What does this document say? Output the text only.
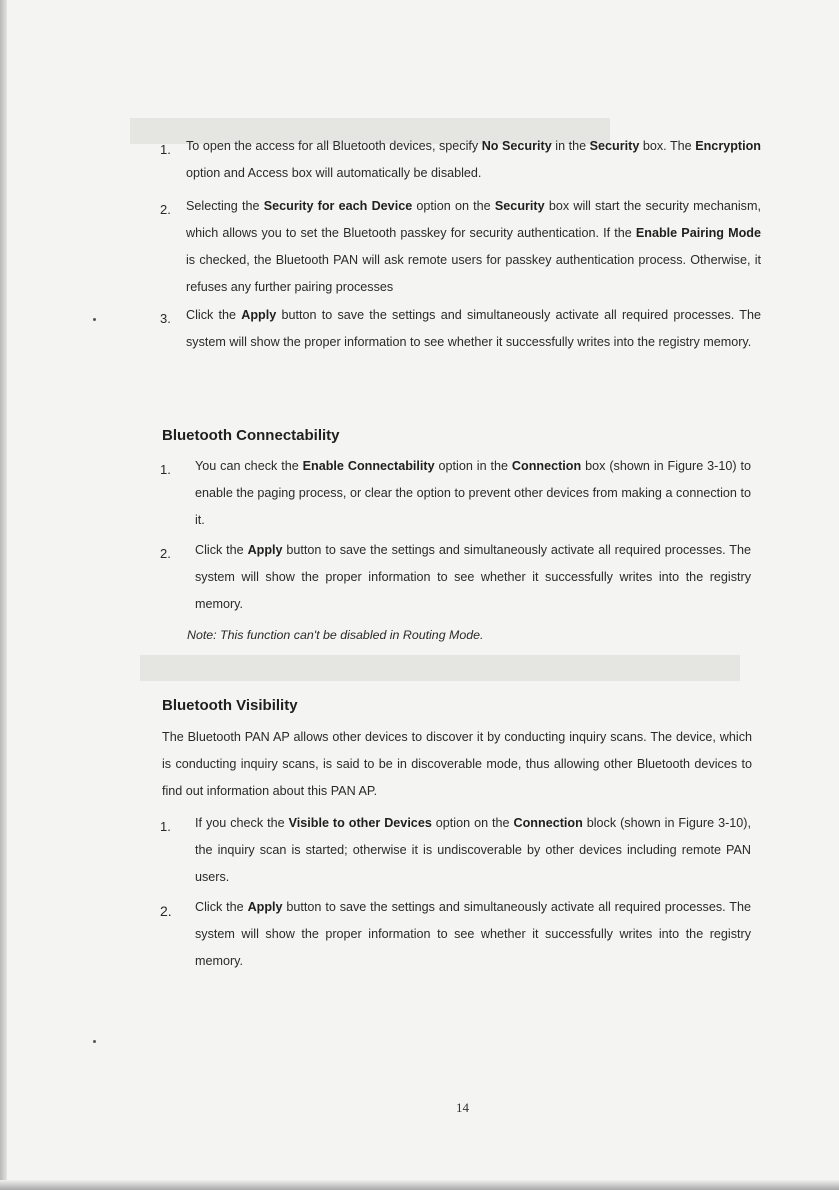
1. To open the access for all Bluetooth devices, specify No Security in the Security box. The Encryption option and Access box will automatically be disabled.
2. Selecting the Security for each Device option on the Security box will start the security mechanism, which allows you to set the Bluetooth passkey for security authentication. If the Enable Pairing Mode is checked, the Bluetooth PAN will ask remote users for passkey authentication process. Otherwise, it refuses any further pairing processes
3. Click the Apply button to save the settings and simultaneously activate all required processes. The system will show the proper information to see whether it successfully writes into the registry memory.
Bluetooth Connectability
1. You can check the Enable Connectability option in the Connection box (shown in Figure 3-10) to enable the paging process, or clear the option to prevent other devices from making a connection to it.
2. Click the Apply button to save the settings and simultaneously activate all required processes. The system will show the proper information to see whether it successfully writes into the registry memory.
Note: This function can't be disabled in Routing Mode.
Bluetooth Visibility
The Bluetooth PAN AP allows other devices to discover it by conducting inquiry scans. The device, which is conducting inquiry scans, is said to be in discoverable mode, thus allowing other Bluetooth devices to find out information about this PAN AP.
1. If you check the Visible to other Devices option on the Connection block (shown in Figure 3-10), the inquiry scan is started; otherwise it is undiscoverable by other devices including remote PAN users.
2. Click the Apply button to save the settings and simultaneously activate all required processes. The system will show the proper information to see whether it successfully writes into the registry memory.
14
